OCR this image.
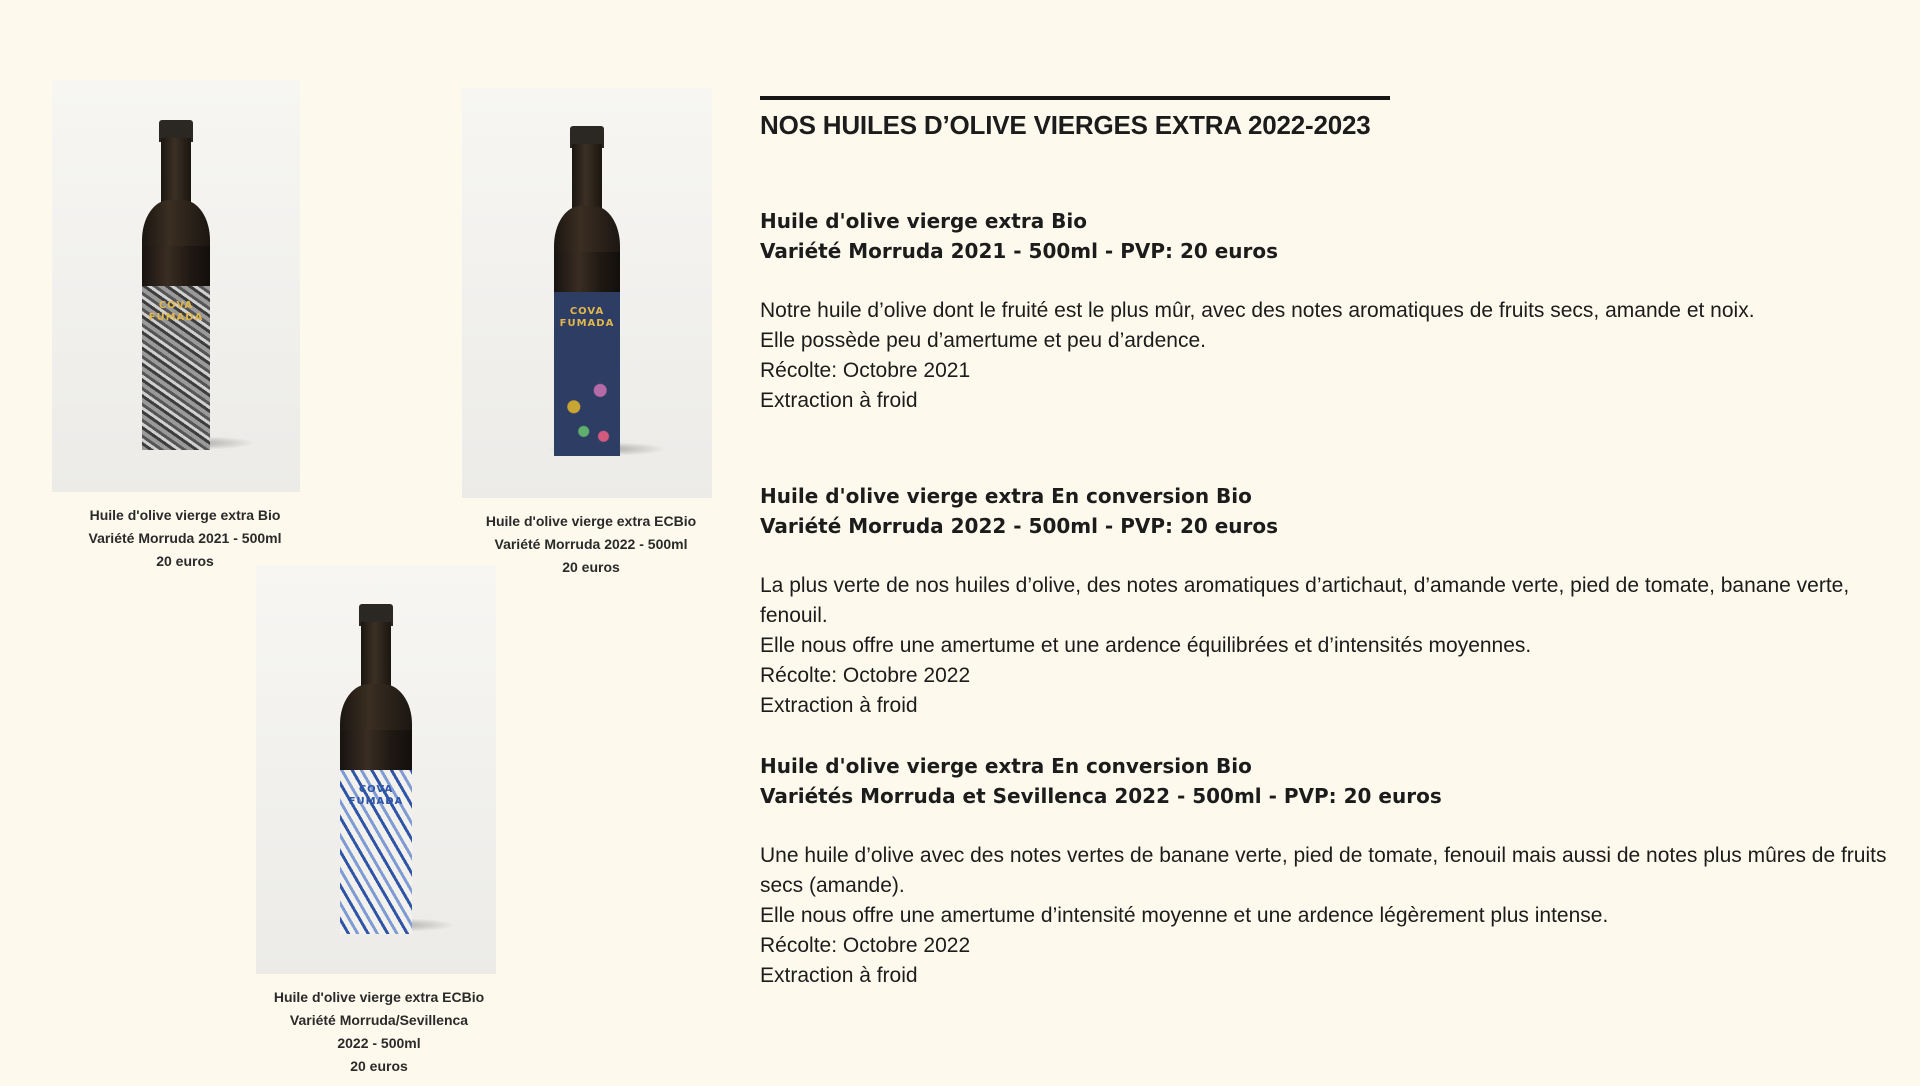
COVA
FUMADA
Huile d'olive vierge extra Bio
Variété Morruda 2021 - 500ml
20 euros
COVA
FUMADA
Huile d'olive vierge extra ECBio
Variété Morruda 2022 - 500ml
20 euros
COVA
FUMADA
Huile d'olive vierge extra ECBio
Variété Morruda/Sevillenca
2022 - 500ml
20 euros
NOS HUILES D’OLIVE VIERGES EXTRA 2022-2023
Huile d'olive vierge extra Bio
Variété Morruda 2021 - 500ml - PVP: 20 euros
Notre huile d’olive dont le fruité est le plus mûr, avec des notes aromatiques de fruits secs, amande et noix.
Elle possède peu d’amertume et peu d’ardence.
Récolte: Octobre 2021
Extraction à froid
Huile d'olive vierge extra En conversion Bio
Variété Morruda 2022 - 500ml - PVP: 20 euros
La plus verte de nos huiles d’olive, des notes aromatiques d’artichaut, d’amande verte, pied de tomate, banane verte, fenouil.
Elle nous offre une amertume et une ardence équilibrées et d’intensités moyennes.
Récolte: Octobre 2022
Extraction à froid
Huile d'olive vierge extra En conversion Bio
Variétés Morruda et Sevillenca 2022 - 500ml - PVP: 20 euros
Une huile d’olive avec des notes vertes de banane verte, pied de tomate, fenouil mais aussi de notes plus mûres de fruits secs (amande).
Elle nous offre une amertume d’intensité moyenne et une ardence légèrement plus intense.
Récolte: Octobre 2022
Extraction à froid
